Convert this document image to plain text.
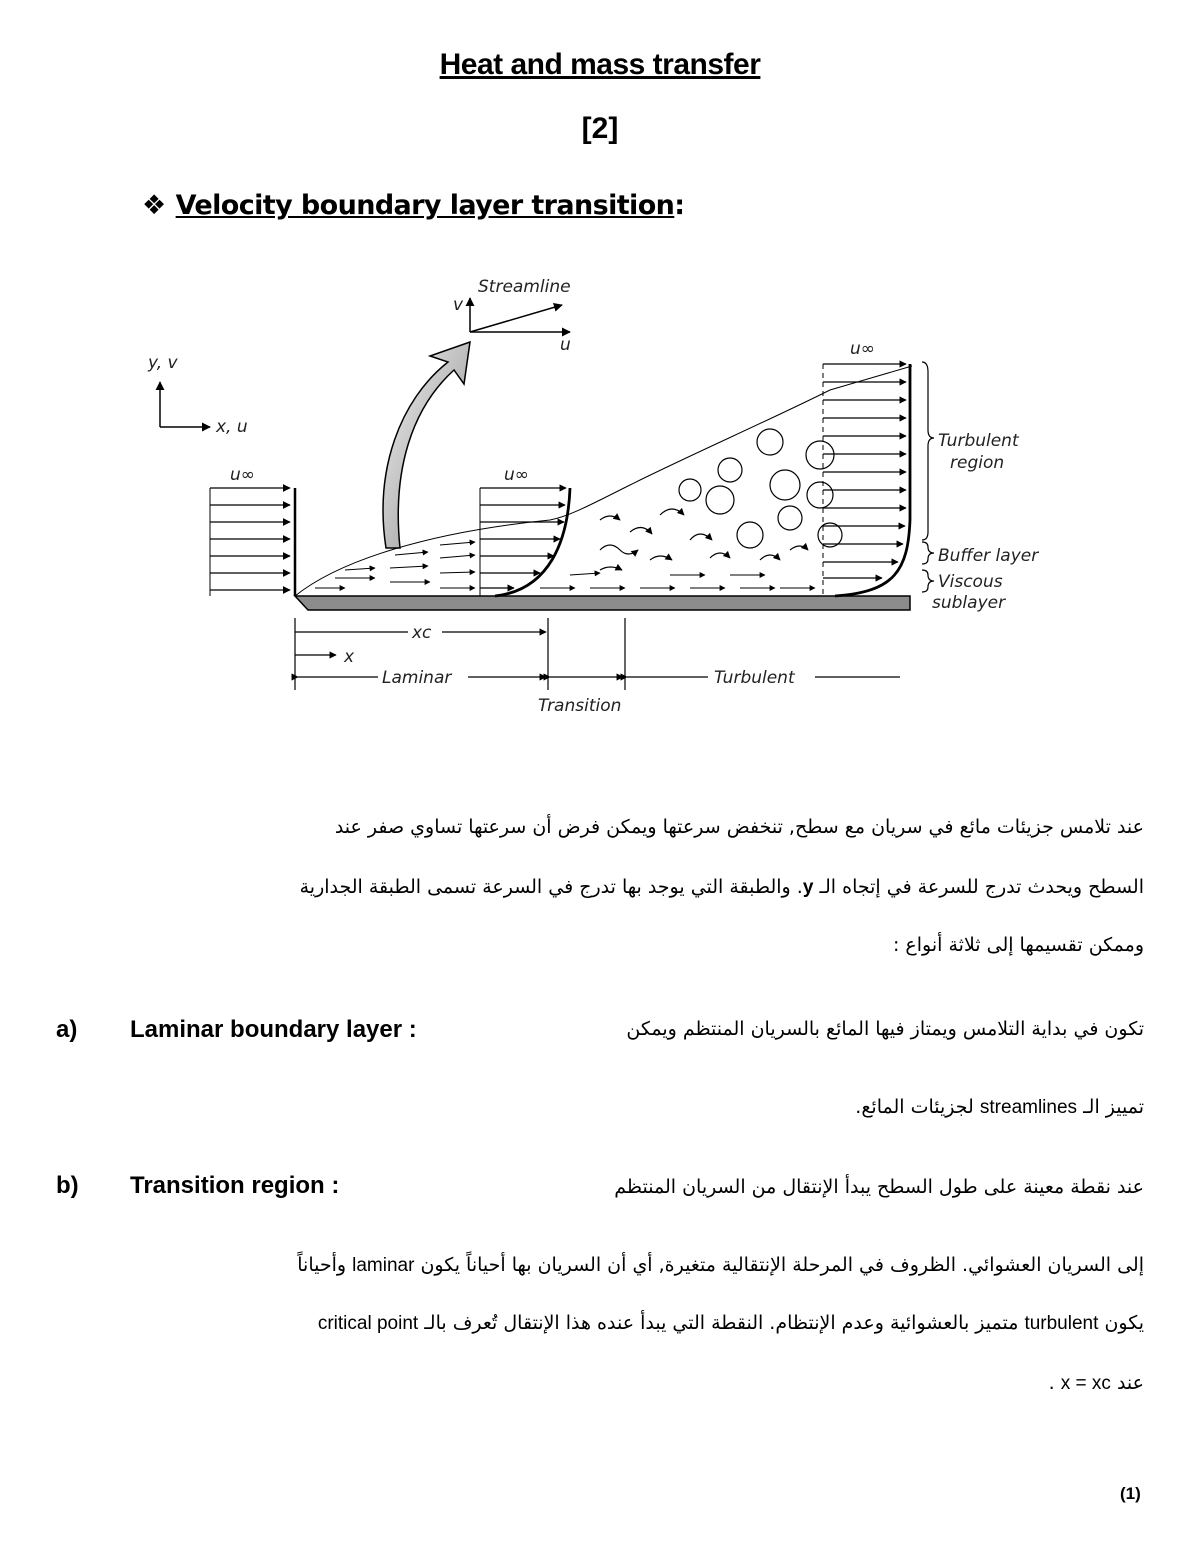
Heat and mass transfer
[2]
❖ Velocity boundary layer transition:
y, v
x, u
Streamline
v
u
u∞	u∞
u∞
Turbulent
region
Buffer layer
Viscous
sublayer
xc
x
Laminar
Transition
Turbulent
عند تلامس جزيئات مائع في سريان مع سطح, تنخفض سرعتها ويمكن فرض أن سرعتها تساوي صفر عند
السطح ويحدث تدرج للسرعة في إتجاه الـ y. والطبقة التي يوجد بها تدرج في السرعة تسمى الطبقة الجدارية
وممكن تقسيمها إلى ثلاثة أنواع :
a) Laminar boundary layer :	تكون في بداية التلامس ويمتاز فيها المائع بالسريان المنتظم ويمكن
تمييز الـ streamlines لجزيئات المائع.
b) Transition region :	عند نقطة معينة على طول السطح يبدأ الإنتقال من السريان المنتظم
إلى السريان العشوائي. الظروف في المرحلة الإنتقالية متغيرة, أي أن السريان بها أحياناً يكون laminar وأحياناً
يكون turbulent متميز بالعشوائية وعدم الإنتظام. النقطة التي يبدأ عنده هذا الإنتقال تُعرف بالـ critical point
عند x = xc .
(1)
